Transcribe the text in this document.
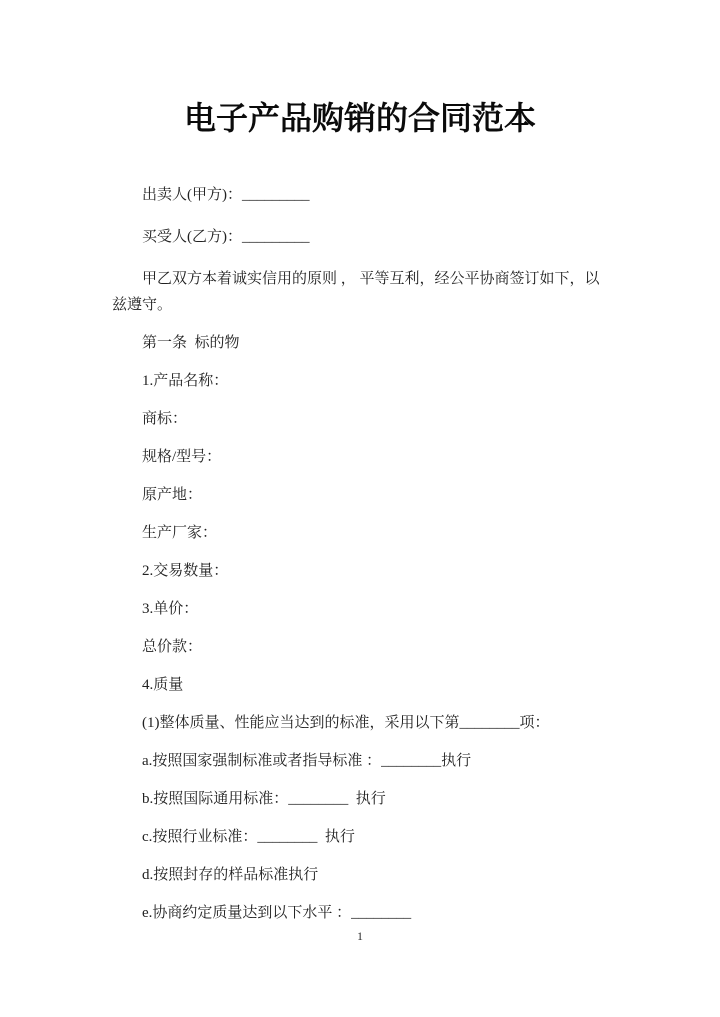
电子产品购销的合同范本

出卖人(甲方)：_________

买受人(乙方)：_________

甲乙双方本着诚实信用的原则 ， 平等互利，经公平协商签订如下，以兹遵守。

第一条  标的物

1.产品名称：

商标：

规格/型号：

原产地：

生产厂家：

2.交易数量：

3.单价：

总价款：

4.质量

(1)整体质量、性能应当达到的标准，采用以下第________项：

a.按照国家强制标准或者指导标准 ：________执行

b.按照国际通用标准：________  执行

c.按照行业标准：________  执行

d.按照封存的样品标准执行

e.协商约定质量达到以下水平 ：________

1
